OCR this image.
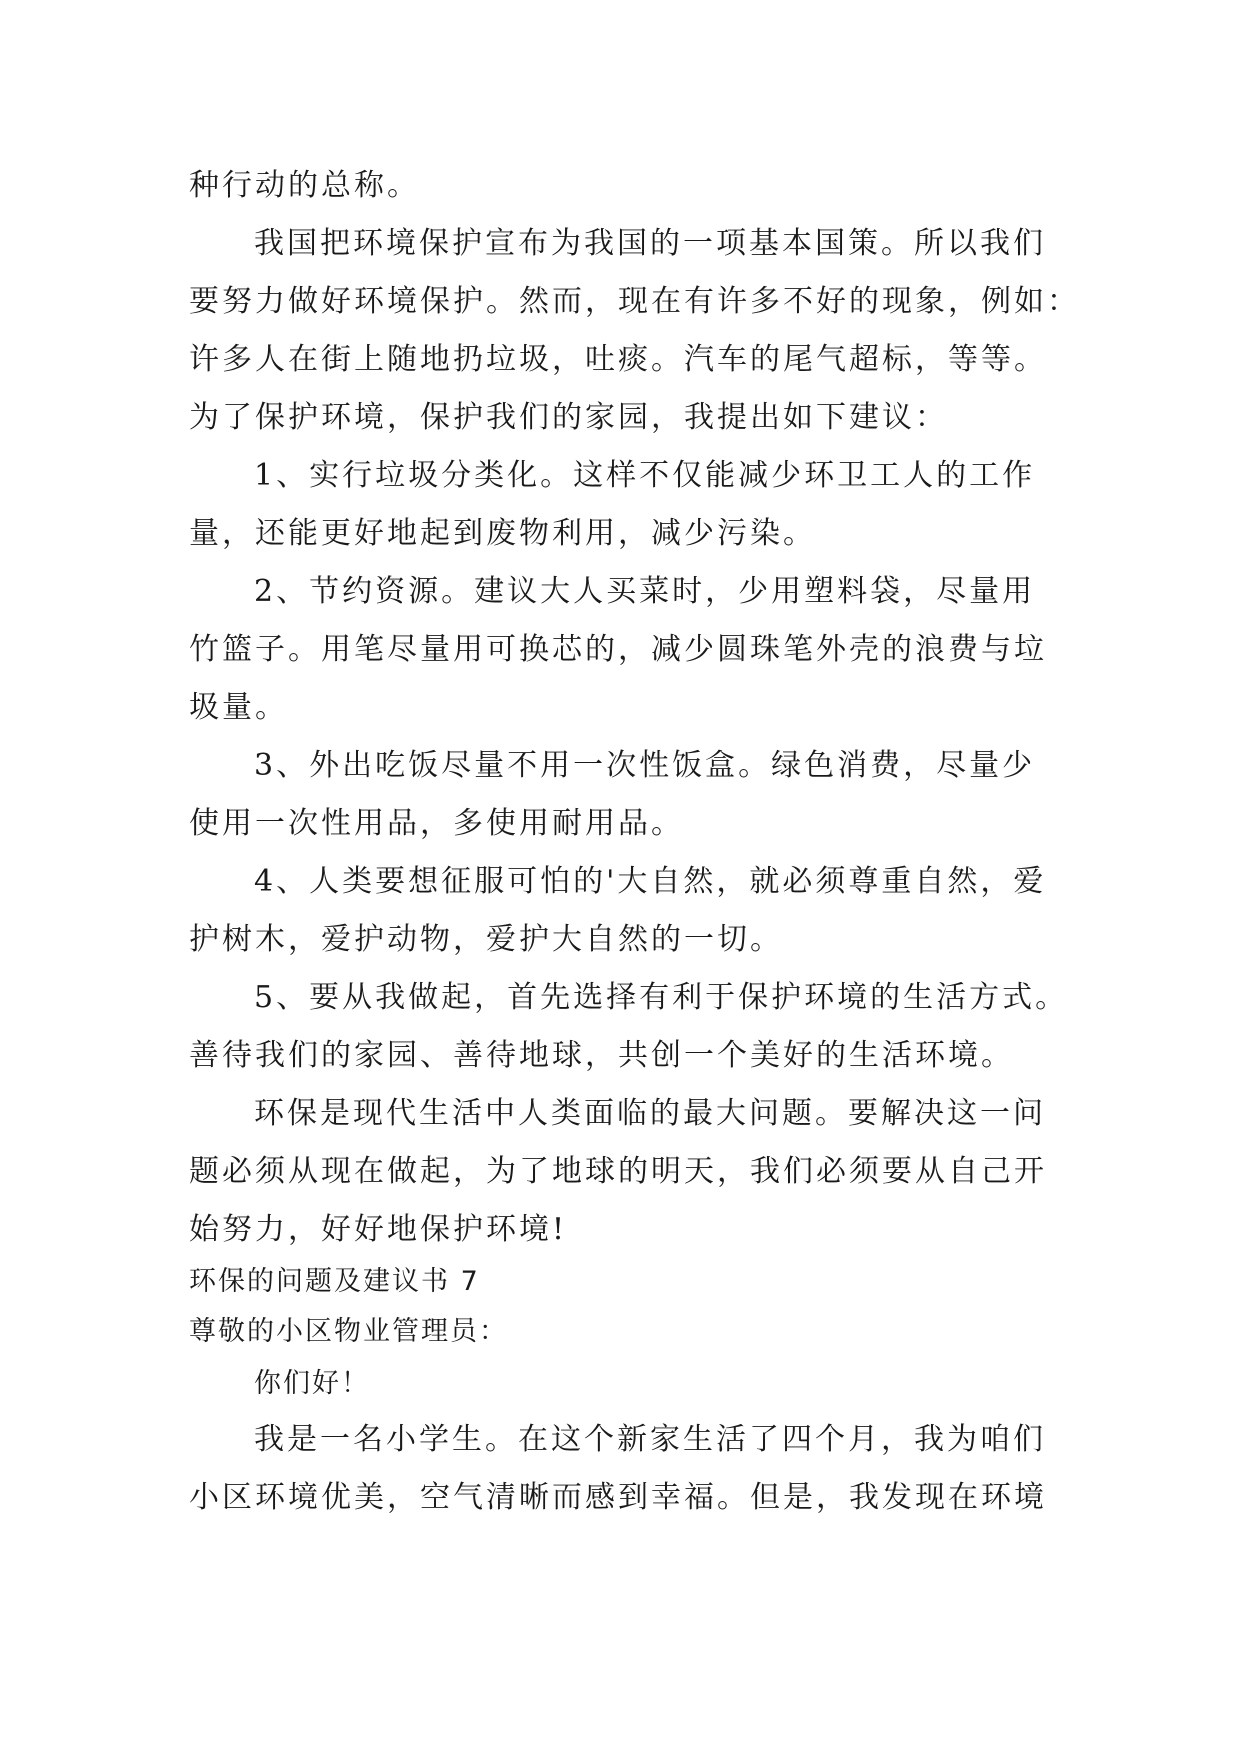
种行动的总称。
我国把环境保护宣布为我国的一项基本国策。所以我们
要努力做好环境保护。然而，现在有许多不好的现象，例如：
许多人在街上随地扔垃圾，吐痰。汽车的尾气超标，等等。
为了保护环境，保护我们的家园，我提出如下建议：
1、实行垃圾分类化。这样不仅能减少环卫工人的工作
量，还能更好地起到废物利用，减少污染。
2、节约资源。建议大人买菜时，少用塑料袋，尽量用
竹篮子。用笔尽量用可换芯的，减少圆珠笔外壳的浪费与垃
圾量。
3、外出吃饭尽量不用一次性饭盒。绿色消费，尽量少
使用一次性用品，多使用耐用品。
4、人类要想征服可怕的'大自然，就必须尊重自然，爱
护树木，爱护动物，爱护大自然的一切。
5、要从我做起，首先选择有利于保护环境的生活方式。
善待我们的家园、善待地球，共创一个美好的生活环境。
环保是现代生活中人类面临的最大问题。要解决这一问
题必须从现在做起，为了地球的明天，我们必须要从自己开
始努力，好好地保护环境!
环保的问题及建议书 7
尊敬的小区物业管理员：
你们好！
我是一名小学生。在这个新家生活了四个月，我为咱们
小区环境优美，空气清晰而感到幸福。但是，我发现在环境
